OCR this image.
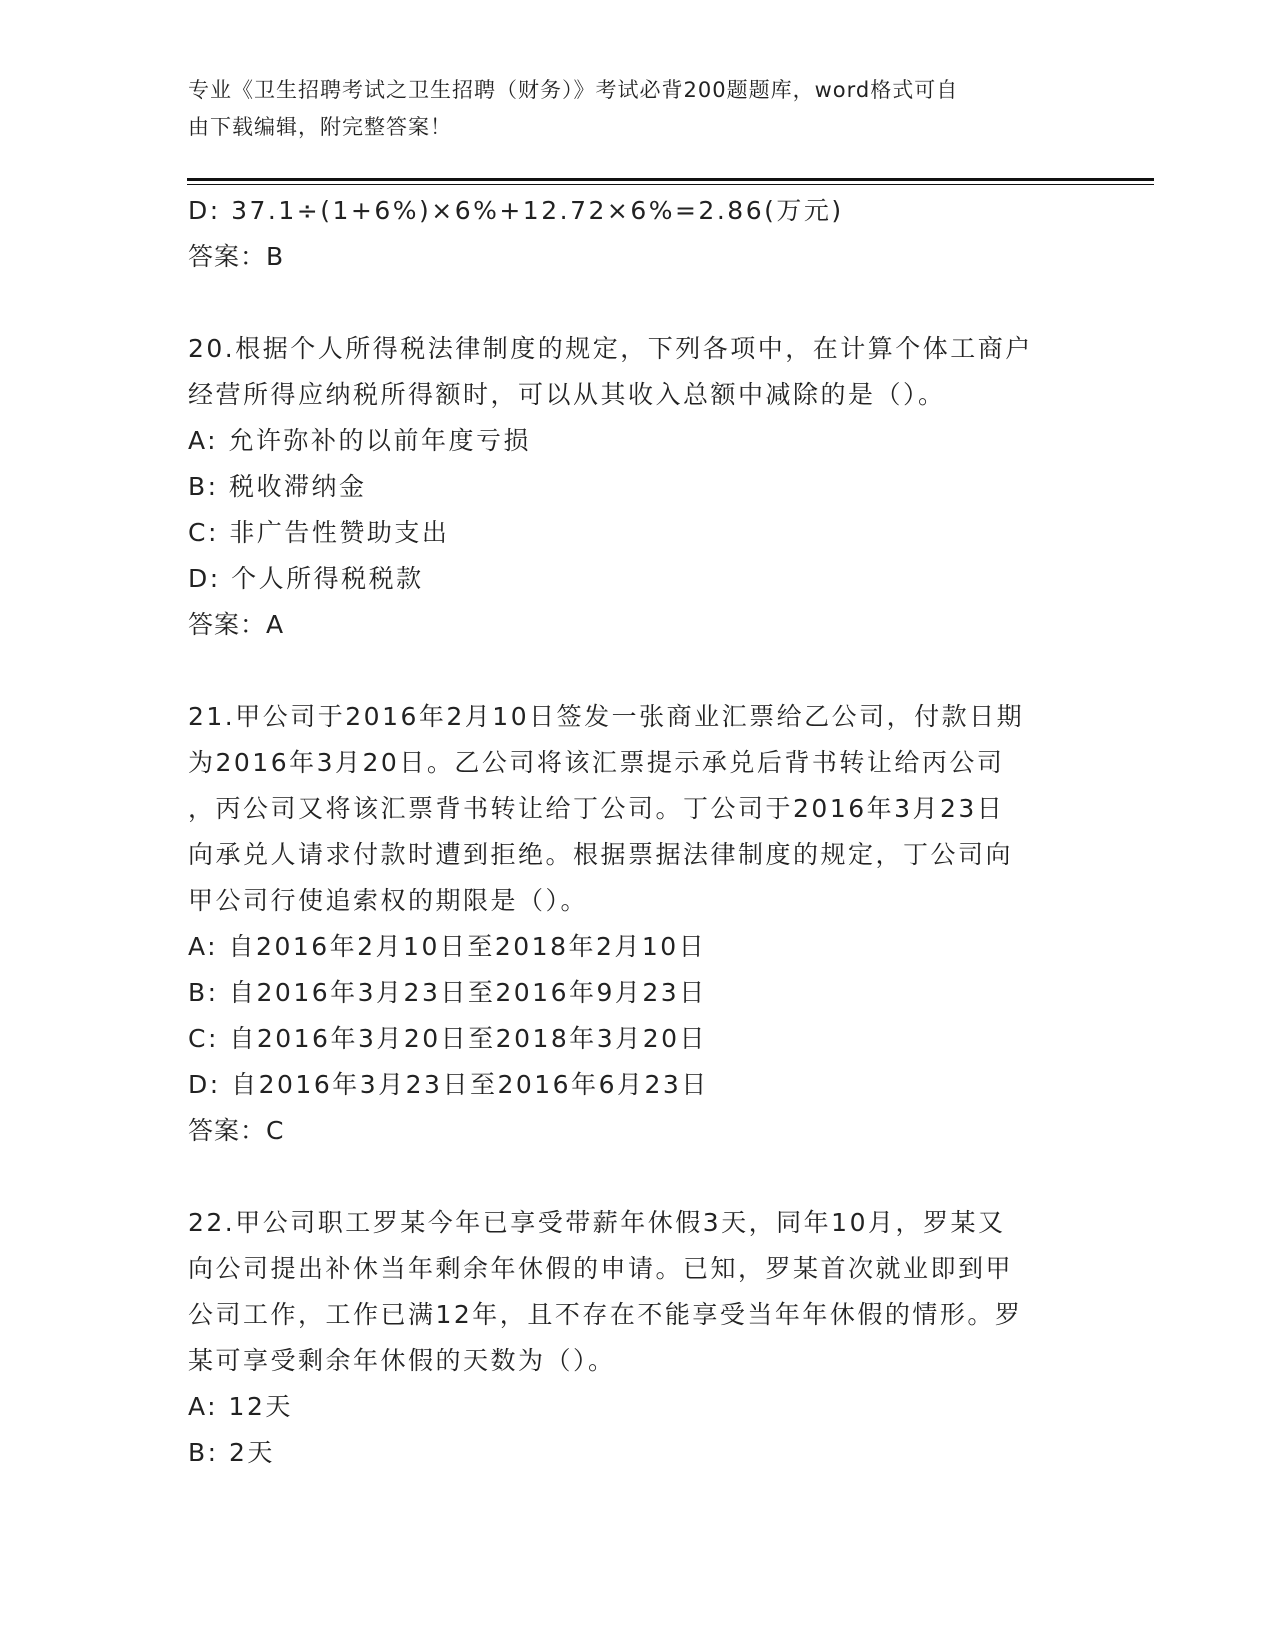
专业《卫生招聘考试之卫生招聘（财务）》考试必背200题题库，word格式可自
由下载编辑，附完整答案！
D: 37.1÷(1+6%)×6%+12.72×6%=2.86(万元)
答案：B
20.根据个人所得税法律制度的规定，下列各项中，在计算个体工商户
经营所得应纳税所得额时，可以从其收入总额中减除的是（）。
A: 允许弥补的以前年度亏损
B: 税收滞纳金
C: 非广告性赞助支出
D: 个人所得税税款
答案：A
21.甲公司于2016年2月10日签发一张商业汇票给乙公司，付款日期
为2016年3月20日。乙公司将该汇票提示承兑后背书转让给丙公司
，丙公司又将该汇票背书转让给丁公司。丁公司于2016年3月23日
向承兑人请求付款时遭到拒绝。根据票据法律制度的规定，丁公司向
甲公司行使追索权的期限是（）。
A: 自2016年2月10日至2018年2月10日
B: 自2016年3月23日至2016年9月23日
C: 自2016年3月20日至2018年3月20日
D: 自2016年3月23日至2016年6月23日
答案：C
22.甲公司职工罗某今年已享受带薪年休假3天，同年10月，罗某又
向公司提出补休当年剩余年休假的申请。已知，罗某首次就业即到甲
公司工作，工作已满12年，且不存在不能享受当年年休假的情形。罗
某可享受剩余年休假的天数为（）。
A: 12天
B: 2天
